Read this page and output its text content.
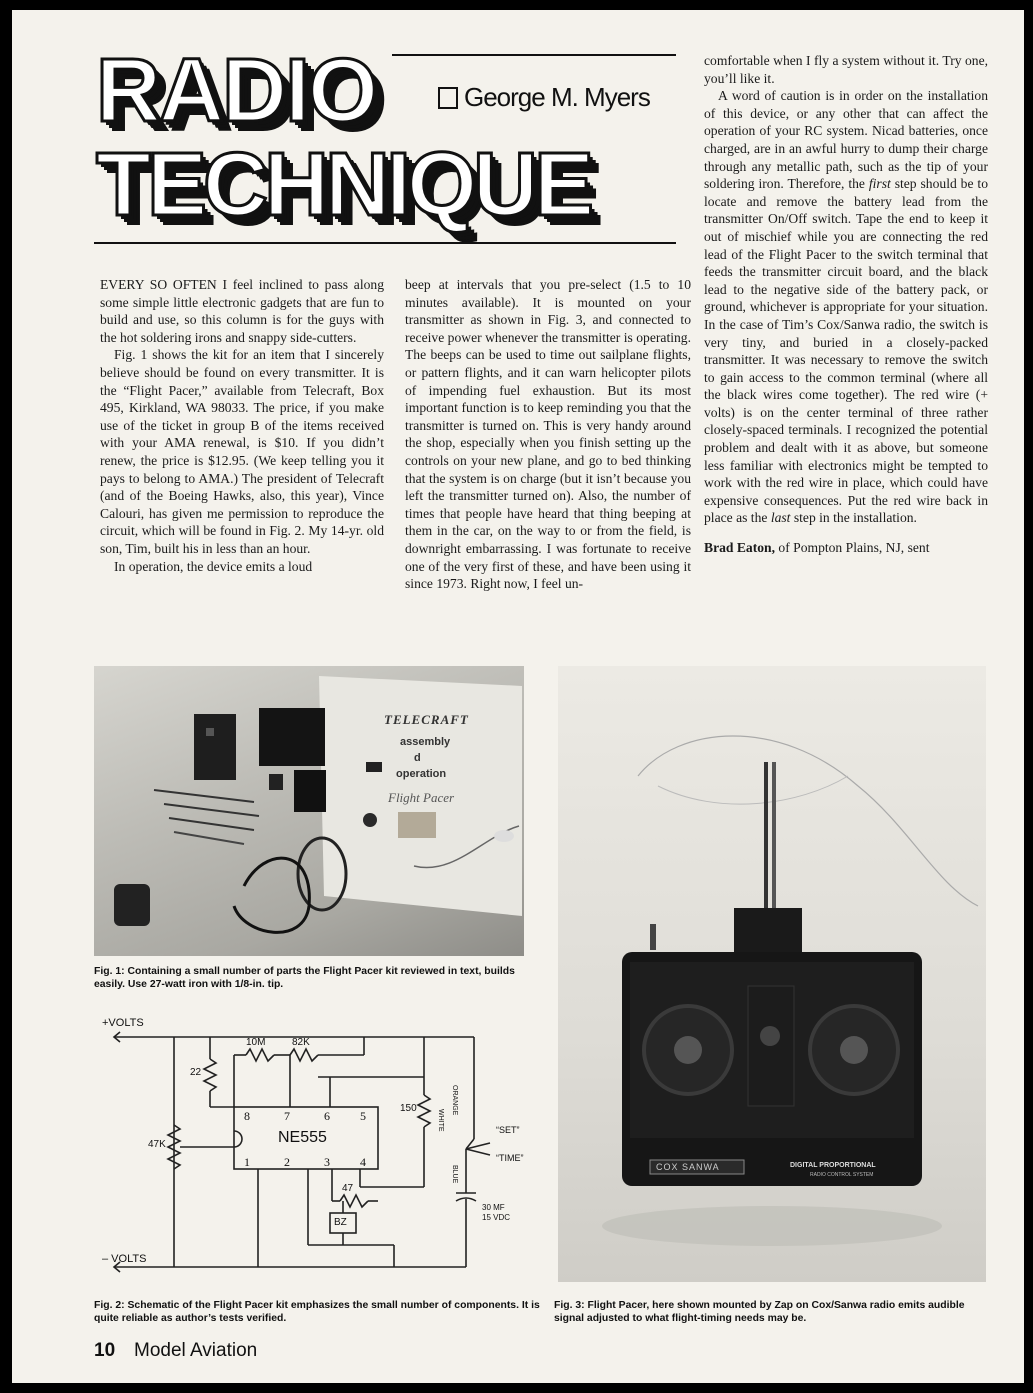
RADIO	George M. Myers
TECHNIQUE

EVERY SO OFTEN I feel inclined to pass along some simple little electronic gadgets that are fun to build and use, so this column is for the guys with the hot soldering irons and snappy side-cutters.

Fig. 1 shows the kit for an item that I sincerely believe should be found on every transmitter. It is the “Flight Pacer,” available from Telecraft, Box 495, Kirkland, WA 98033. The price, if you make use of the ticket in group B of the items received with your AMA renewal, is $10. If you didn’t renew, the price is $12.95. (We keep telling you it pays to belong to AMA.) The president of Telecraft (and of the Boeing Hawks, also, this year), Vince Calouri, has given me permission to reproduce the circuit, which will be found in Fig. 2. My 14-yr. old son, Tim, built his in less than an hour.

In operation, the device emits a loud

beep at intervals that you pre-select (1.5 to 10 minutes available). It is mounted on your transmitter as shown in Fig. 3, and connected to receive power whenever the transmitter is operating. The beeps can be used to time out sailplane flights, or pattern flights, and it can warn helicopter pilots of impending fuel exhaustion. But its most important function is to keep reminding you that the transmitter is turned on. This is very handy around the shop, especially when you finish setting up the controls on your new plane, and go to bed thinking that the system is on charge (but it isn’t because you left the transmitter turned on). Also, the number of times that people have heard that thing beeping at them in the car, on the way to or from the field, is downright embarrassing. I was fortunate to receive one of the very first of these, and have been using it since 1973. Right now, I feel un-

comfortable when I fly a system without it. Try one, you’ll like it.

A word of caution is in order on the installation of this device, or any other that can affect the operation of your RC system. Nicad batteries, once charged, are in an awful hurry to dump their charge through any metallic path, such as the tip of your soldering iron. Therefore, the first step should be to locate and remove the battery lead from the transmitter On/Off switch. Tape the end to keep it out of mischief while you are connecting the red lead of the Flight Pacer to the switch terminal that feeds the transmitter circuit board, and the black lead to the negative side of the battery pack, or ground, whichever is appropriate for your situation. In the case of Tim’s Cox/Sanwa radio, the switch is very tiny, and buried in a closely-packed transmitter. It was necessary to remove the switch to gain access to the common terminal (where all the black wires come together). The red wire (+ volts) is on the center terminal of three rather closely-spaced terminals. I recognized the potential problem and dealt with it as above, but someone less familiar with electronics might be tempted to work with the red wire in place, which could have expensive consequences. Put the red wire back in place as the last step in the installation.

Brad Eaton, of Pompton Plains, NJ, sent

TELECRAFT
assembly
d
operation
Flight Pacer
Fig. 1: Containing a small number of parts the Flight Pacer kit reviewed in text, builds easily. Use 27-watt iron with 1/8-in. tip.
+VOLTS
– VOLTS
10M	82K
22
47K
150
47
NE555
8	7	6	5
1	2	3	4
BZ
“SET”
“TIME”
30 MF
15 VDC
ORANGE
WHITE
BLUE
Fig. 2: Schematic of the Flight Pacer kit emphasizes the small number of components. It is quite reliable as author’s tests verified.
COX SANWA	DIGITAL PROPORTIONAL
RADIO CONTROL SYSTEM
Fig. 3: Flight Pacer, here shown mounted by Zap on Cox/Sanwa radio emits audible signal adjusted to what flight-timing needs may be.
10 Model Aviation
